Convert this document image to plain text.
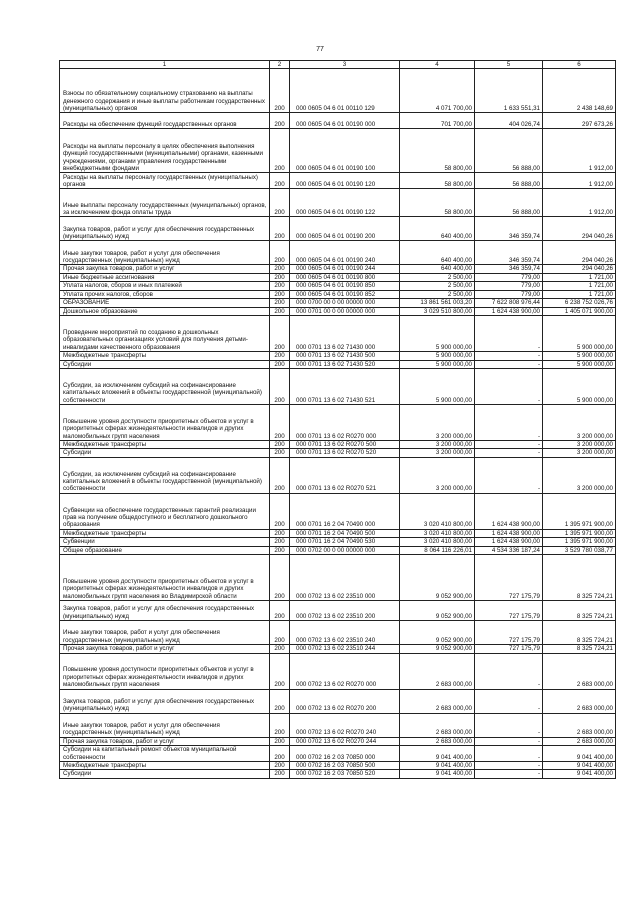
77
1	2	3	4	5	6
Взносы по обязательному социальному страхованию на выплаты денежного содержания и иные выплаты работникам государственных (муниципальных) органов	200	000 0605 04 6 01 00110 129	4 071 700,00	1 633 551,31	2 438 148,69
Расходы на обеспечение функций государственных органов	200	000 0605 04 6 01 00190 000	701 700,00	404 026,74	297 673,26
Расходы на выплаты персоналу в целях обеспечения выполнения функций государственными (муниципальными) органами, казенными учреждениями, органами управления государственными внебюджетными фондами	200	000 0605 04 6 01 00190 100	58 800,00	56 888,00	1 912,00
Расходы на выплаты персоналу государственных (муниципальных) органов	200	000 0605 04 6 01 00190 120	58 800,00	56 888,00	1 912,00
Иные выплаты персоналу государственных (муниципальных) органов, за исключением фонда оплаты труда	200	000 0605 04 6 01 00190 122	58 800,00	56 888,00	1 912,00
Закупка товаров, работ и услуг для обеспечения государственных (муниципальных) нужд	200	000 0605 04 6 01 00190 200	640 400,00	346 359,74	294 040,26
Иные закупки товаров, работ и услуг для обеспечения государственных (муниципальных) нужд	200	000 0605 04 6 01 00190 240	640 400,00	346 359,74	294 040,26
Прочая закупка товаров, работ и услуг	200	000 0605 04 6 01 00190 244	640 400,00	346 359,74	294 040,26
Иные бюджетные ассигнования	200	000 0605 04 6 01 00190 800	2 500,00	779,00	1 721,00
Уплата налогов, сборов и иных платежей	200	000 0605 04 6 01 00190 850	2 500,00	779,00	1 721,00
Уплата прочих налогов, сборов	200	000 0605 04 6 01 00190 852	2 500,00	779,00	1 721,00
ОБРАЗОВАНИЕ	200	000 0700 00 0 00 00000 000	13 861 561 003,20	7 622 808 976,44	6 238 752 026,76
Дошкольное образование	200	000 0701 00 0 00 00000 000	3 029 510 800,00	1 624 438 900,00	1 405 071 900,00
Проведение мероприятий по созданию в дошкольных образовательных организациях условий для получения детьми-инвалидами качественного образования	200	000 0701 13 6 02 71430 000	5 900 000,00	-	5 900 000,00
Межбюджетные трансферты	200	000 0701 13 6 02 71430 500	5 900 000,00	-	5 900 000,00
Субсидии	200	000 0701 13 6 02 71430 520	5 900 000,00	-	5 900 000,00
Субсидии, за исключением субсидий на софинансирование капитальных вложений в объекты государственной (муниципальной) собственности	200	000 0701 13 6 02 71430 521	5 900 000,00	-	5 900 000,00
Повышение уровня доступности приоритетных объектов и услуг в приоритетных сферах жизнедеятельности инвалидов и других маломобильных групп населения	200	000 0701 13 6 02 R0270 000	3 200 000,00	-	3 200 000,00
Межбюджетные трансферты	200	000 0701 13 6 02 R0270 500	3 200 000,00	-	3 200 000,00
Субсидии	200	000 0701 13 6 02 R0270 520	3 200 000,00	-	3 200 000,00
Субсидии, за исключением субсидий на софинансирование капитальных вложений в объекты государственной (муниципальной) собственности	200	000 0701 13 6 02 R0270 521	3 200 000,00	-	3 200 000,00
Субвенции на обеспечение государственных гарантий реализации прав на получение общедоступного и бесплатного дошкольного образования	200	000 0701 16 2 04 70490 000	3 020 410 800,00	1 624 438 900,00	1 395 971 900,00
Межбюджетные трансферты	200	000 0701 16 2 04 70490 500	3 020 410 800,00	1 624 438 900,00	1 395 971 900,00
Субвенции	200	000 0701 16 2 04 70490 530	3 020 410 800,00	1 624 438 900,00	1 395 971 900,00
Общее образование	200	000 0702 00 0 00 00000 000	8 064 116 226,01	4 534 336 187,24	3 529 780 038,77
Повышение уровня доступности приоритетных объектов и услуг в приоритетных сферах жизнедеятельности инвалидов и других маломобильных групп населения во Владимирской области	200	000 0702 13 6 02 23510 000	9 052 900,00	727 175,79	8 325 724,21
Закупка товаров, работ и услуг для обеспечения государственных (муниципальных) нужд	200	000 0702 13 6 02 23510 200	9 052 900,00	727 175,79	8 325 724,21
Иные закупки товаров, работ и услуг для обеспечения государственных (муниципальных) нужд	200	000 0702 13 6 02 23510 240	9 052 900,00	727 175,79	8 325 724,21
Прочая закупка товаров, работ и услуг	200	000 0702 13 6 02 23510 244	9 052 900,00	727 175,79	8 325 724,21
Повышение уровня доступности приоритетных объектов и услуг в приоритетных сферах жизнедеятельности инвалидов и других маломобильных групп населения	200	000 0702 13 6 02 R0270 000	2 683 000,00	-	2 683 000,00
Закупка товаров, работ и услуг для обеспечения государственных (муниципальных) нужд	200	000 0702 13 6 02 R0270 200	2 683 000,00	-	2 683 000,00
Иные закупки товаров, работ и услуг для обеспечения государственных (муниципальных) нужд	200	000 0702 13 6 02 R0270 240	2 683 000,00	-	2 683 000,00
Прочая закупка товаров, работ и услуг	200	000 0702 13 6 02 R0270 244	2 683 000,00	-	2 683 000,00
Субсидии на капитальный ремонт объектов муниципальной собственности	200	000 0702 16 2 03 70850 000	9 041 400,00	-	9 041 400,00
Межбюджетные трансферты	200	000 0702 16 2 03 70850 500	9 041 400,00	-	9 041 400,00
Субсидии	200	000 0702 16 2 03 70850 520	9 041 400,00	-	9 041 400,00
